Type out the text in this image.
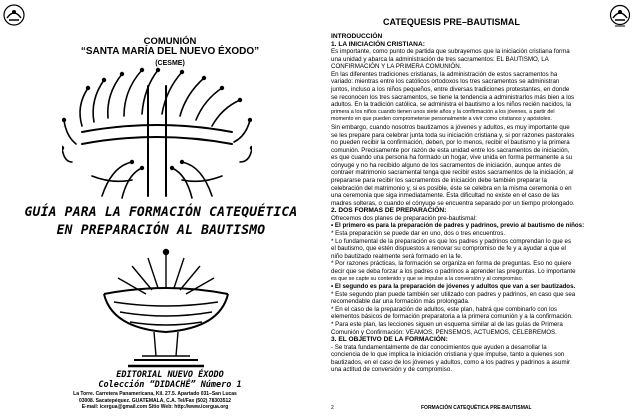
COMUNIÓN
“SANTA MARÍA DEL NUEVO ÉXODO”
(CESME)
GUÍA PARA LA FORMACIÓN CATEQUÉTICA
EN PREPARACIÓN AL BAUTISMO
EDITORIAL NUEVO ÉXODO
Colección “DIDACHÉ” Número 1
La Torre. Carretera Panamericana, Kil. 27.5. Apartado 031–San Lucas
03008. Sacatepéquez. GUATEMALA, C.A. Tel/Fax (502) 78303512
E-mail: icergua@gmail.com Sitio Web: http://www.icergua.org
CATEQUESIS PRE–BAUTISMAL

INTRODUCCIÓN

1. LA INICIACIÓN CRISTIANA:

Es importante, como punto de partida que subrayemos que la iniciación cristiana forma

una unidad y abarca la administración de tres sacramentos: EL BAUTISMO, LA

CONFIRMACIÓN Y LA PRIMERA COMUNIÓN.

En las diferentes tradiciones cristianas, la administración de estos sacramentos ha

variado: mientras entre los católicos ortodoxos los tres sacramentos se administran

juntos, incluso a los niños pequeños, entre diversas tradiciones protestantes, en donde

se reconocen los tres sacramentos, se tiene la tendencia a administrarlos más bien a los

adultos. En la tradición católica, se administra el bautismo a los niños recién nacidos, la

primera a los niños cuando tienen unos siete años y la confirmación a los jóvenes, a partir del

momento en que pueden comprometerse personalmente a vivir como cristianos y apóstoles.

Sin embargo, cuando nosotros bautizamos a jóvenes y adultos, es muy importante que

se les prepare para celebrar junta toda su iniciación cristiana y, si por razones pastorales

no pueden recibir la confirmación, deben, por lo menos, recibir el bautismo y la primera

comunión. Precisamente por razón de esta unidad entre los sacramentos de iniciación,

es que cuando una persona ha formado un hogar, vive unida en forma permanente a su

cónyuge y no ha recibido alguno de los sacramentos de iniciación, aunque antes de

contraer matrimonio sacramental tenga que recibir estos sacramentos de la iniciación, al

prepararse para recibir los sacramentos de iniciación debe también preparar la

celebración del matrimonio y, si es posible, éste se celebra en la misma ceremonia o en

una ceremonia que siga inmediatamente. Esta dificultad no existe en el caso de las

madres solteras, o cuando el cónyuge se encuentra separado por un tiempo prolongado.

2. DOS FORMAS DE PREPARACIÓN:

Ofrecemos dos planes de preparación pre-bautismal:

• El primero es para la preparación de padres y padrinos, previo al bautismo de niños:

* Esta preparación se puede dar en uno, dos o tres encuentros.

* Lo fundamental de la preparación es que los padres y padrinos comprendan lo que es

el bautismo, que estén dispuestos a renovar su compromiso de fe y a ayudar a que el

niño bautizado realmente será formado en la fe.

* Por razones prácticas, la formación se organiza en forma de preguntas. Eso no quiere

decir que se deba forzar a los padres o padrinos a aprender las preguntas. Lo importante

es que se capte su contenido y que se impulse a la conversión y al compromiso.

• El segundo es para la preparación de jóvenes y adultos que van a ser bautizados.

* Este segundo plan puede también ser utilizado con padres y padrinos, en caso que sea

recomendable dar una formación más prolongada.

* En el caso de la preparación de adultos, este plan, habrá que combinarlo con los

elementos básicos de formación preparatoria a la primera comunión y a la confirmación.

* Para este plan, las lecciones siguen un esquema similar al de las guías de Primera

Comunión y Confirmación: VEAMOS, PENSEMOS, ACTUEMOS, CELEBREMOS.

3. EL OBJETIVO DE LA FORMACIÓN:

- Se trata fundamentalmente de dar conocimientos que ayuden a desarrollar la

conciencia de lo que implica la iniciación cristiana y que impulse, tanto a quienes son

bautizados, en el caso de los jóvenes y adultos, como a los padres y padrinos a asumir

una actitud de conversión y de compromiso.

2	FORMACIÓN CATEQUÉTICA PRE-BAUTISMAL
